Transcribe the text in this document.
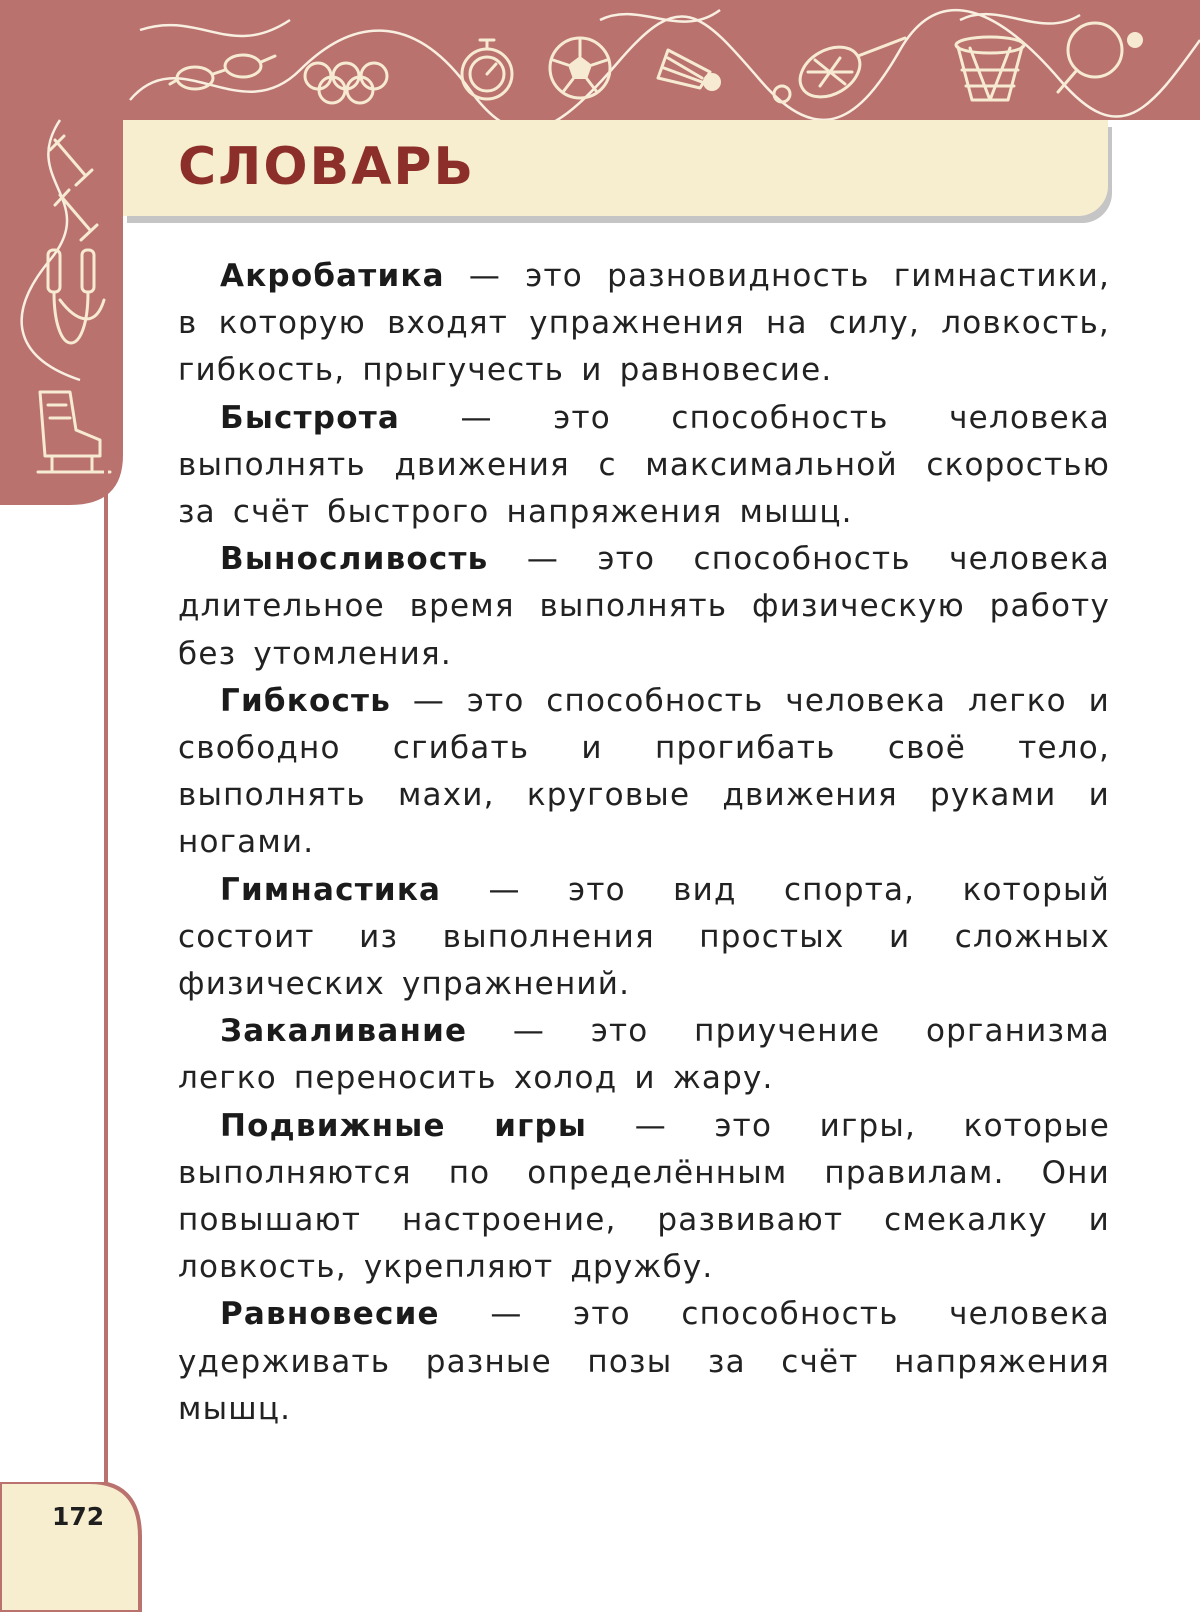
172
СЛОВАРЬ

Акробатика — это разновидность гимнастики, в которую входят упражнения на силу, ловкость, гибкость, прыгучесть и равновесие.

Быстрота — это способность человека выполнять движения с максимальной скоростью за счёт быстрого напряжения мышц.

Выносливость — это способность человека длительное время выполнять физическую работу без утомления.

Гибкость — это способность человека легко и свободно сгибать и прогибать своё тело, выполнять махи, круговые движения руками и ногами.

Гимнастика — это вид спорта, который состоит из выполнения простых и сложных физических упражнений.

Закаливание — это приучение организма легко переносить холод и жару.

Подвижные игры — это игры, которые выполняются по определённым правилам. Они повышают настроение, развивают смекалку и ловкость, укрепляют дружбу.

Равновесие — это способность человека удерживать разные позы за счёт напряжения мышц.
